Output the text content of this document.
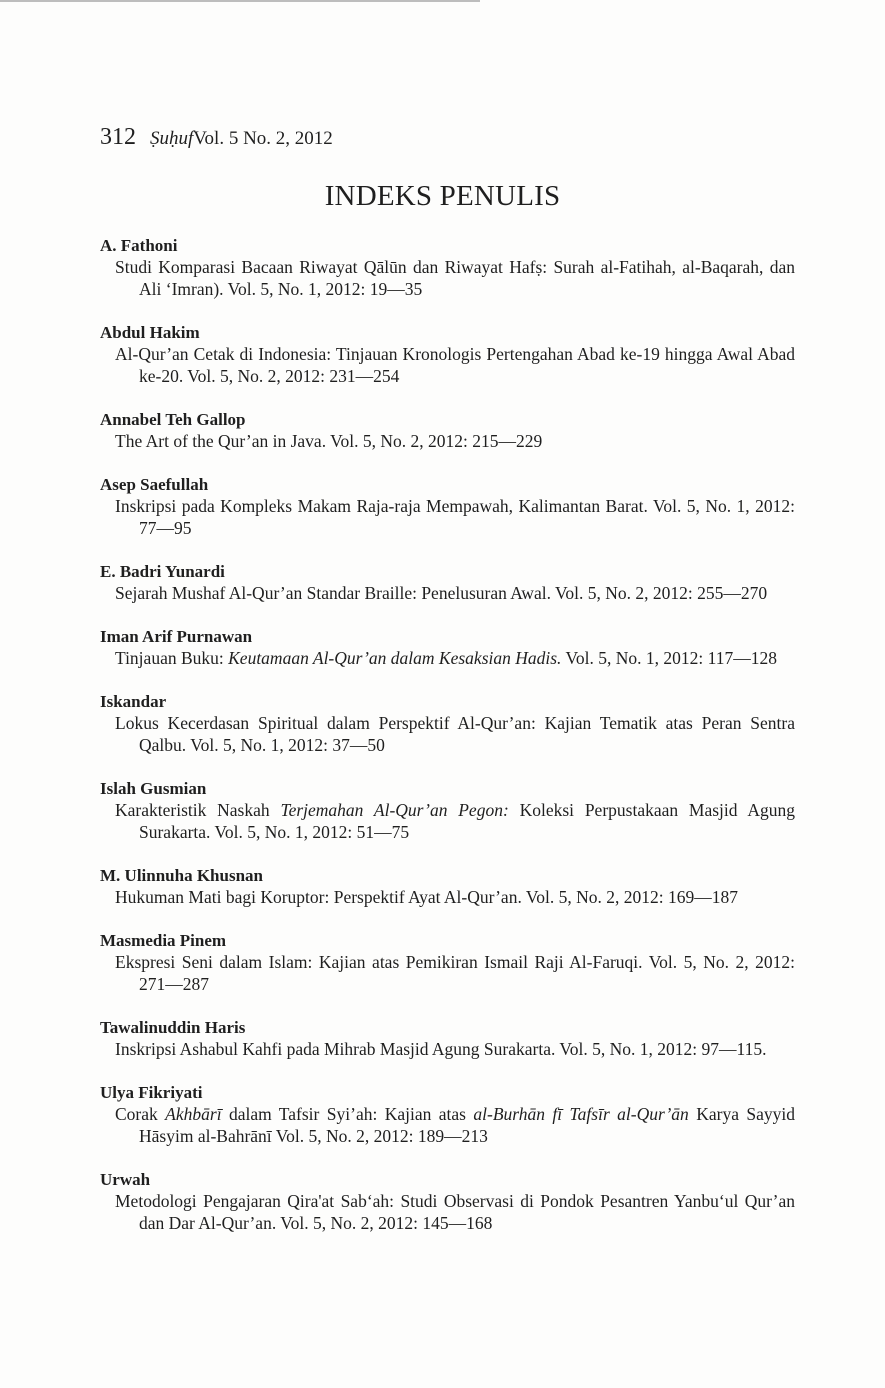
312 ṢuḥufVol. 5 No. 2, 2012
INDEKS PENULIS
A. Fathoni
Studi Komparasi Bacaan Riwayat Qālūn dan Riwayat Hafṣ: Surah al-Fatihah, al-Baqarah, dan Ali ‘Imran). Vol. 5, No. 1, 2012: 19—35
Abdul Hakim
Al-Qur’an Cetak di Indonesia: Tinjauan Kronologis Pertengahan Abad ke-19 hingga Awal Abad ke-20. Vol. 5, No. 2, 2012: 231—254
Annabel Teh Gallop
The Art of the Qur’an in Java. Vol. 5, No. 2, 2012: 215—229
Asep Saefullah
Inskripsi pada Kompleks Makam Raja-raja Mempawah, Kalimantan Barat. Vol. 5, No. 1, 2012: 77—95
E. Badri Yunardi
Sejarah Mushaf Al-Qur’an Standar Braille: Penelusuran Awal. Vol. 5, No. 2, 2012: 255—270
Iman Arif Purnawan
Tinjauan Buku: Keutamaan Al-Qur’an dalam Kesaksian Hadis. Vol. 5, No. 1, 2012: 117—128
Iskandar
Lokus Kecerdasan Spiritual dalam Perspektif Al-Qur’an: Kajian Tematik atas Peran Sentra Qalbu. Vol. 5, No. 1, 2012: 37—50
Islah Gusmian
Karakteristik Naskah Terjemahan Al-Qur’an Pegon: Koleksi Perpustakaan Masjid Agung Surakarta. Vol. 5, No. 1, 2012: 51—75
M. Ulinnuha Khusnan
Hukuman Mati bagi Koruptor: Perspektif Ayat Al-Qur’an. Vol. 5, No. 2, 2012: 169—187
Masmedia Pinem
Ekspresi Seni dalam Islam: Kajian atas Pemikiran Ismail Raji Al-Faruqi. Vol. 5, No. 2, 2012: 271—287
Tawalinuddin Haris
Inskripsi Ashabul Kahfi pada Mihrab Masjid Agung Surakarta. Vol. 5, No. 1, 2012: 97—115.
Ulya Fikriyati
Corak Akhbārī dalam Tafsir Syi’ah: Kajian atas al-Burhān fī Tafsīr al-Qur’ān Karya Sayyid Hāsyim al-Bahrānī Vol. 5, No. 2, 2012: 189—213
Urwah
Metodologi Pengajaran Qira'at Sab‘ah: Studi Observasi di Pondok Pesantren Yanbu‘ul Qur’an dan Dar Al-Qur’an. Vol. 5, No. 2, 2012: 145—168
